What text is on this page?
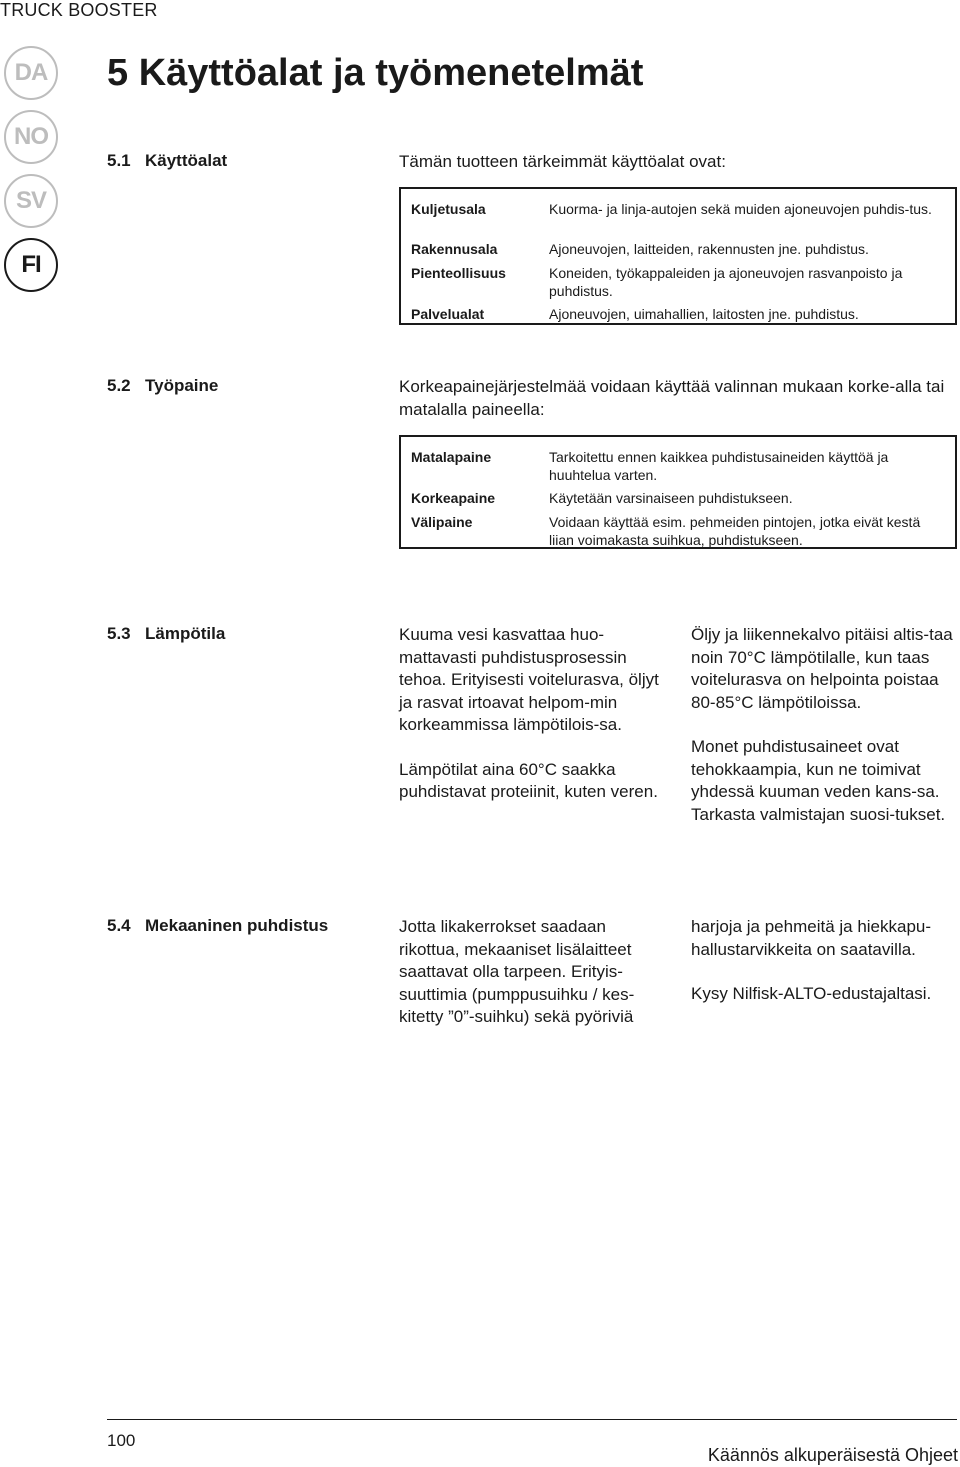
TRUCK BOOSTER
DA
NO
SV
FI
5 Käyttöalat ja työmenetelmät
5.1 Käyttöalat	Tämän tuotteen tärkeimmät käyttöalat ovat:
Kuljetusala	Kuorma- ja linja-autojen sekä muiden ajoneuvojen puhdis-tus.
Rakennusala	Ajoneuvojen, laitteiden, rakennusten jne. puhdistus.
Pienteollisuus	Koneiden, työkappaleiden ja ajoneuvojen rasvanpoisto ja puhdistus.
Palvelualat	Ajoneuvojen, uimahallien, laitosten jne. puhdistus.
5.2 Työpaine	Korkeapainejärjestelmää voidaan käyttää valinnan mukaan korke-alla tai matalalla paineella:
Matalapaine	Tarkoitettu ennen kaikkea puhdistusaineiden käyttöä ja huuhtelua varten.
Korkeapaine	Käytetään varsinaiseen puhdistukseen.
Välipaine	Voidaan käyttää esim. pehmeiden pintojen, jotka eivät kestä liian voimakasta suihkua, puhdistukseen.
5.3 Lämpötila	Kuuma vesi kasvattaa huo-mattavasti puhdistusprosessin tehoa. Erityisesti voitelurasva, öljyt ja rasvat irtoavat helpom-min korkeammissa lämpötilois-sa.
Lämpötilat aina 60°C saakka puhdistavat proteiinit, kuten veren.
Öljy ja liikennekalvo pitäisi altis-taa noin 70°C lämpötilalle, kun taas voitelurasva on helpointa poistaa 80-85°C lämpötiloissa.
Monet puhdistusaineet ovat tehokkaampia, kun ne toimivat yhdessä kuuman veden kans-sa. Tarkasta valmistajan suosi-tukset.
5.4 Mekaaninen puhdistus	Jotta likakerrokset saadaan rikottua, mekaaniset lisälaitteet saattavat olla tarpeen. Erityis-suuttimia (pumppusuihku / kes-kitetty ”0”-suihku) sekä pyöriviä
harjoja ja pehmeitä ja hiekkapu-hallustarvikkeita on saatavilla.
Kysy Nilfisk-ALTO-edustajaltasi.
100
Käännös alkuperäisestä Ohjeet
